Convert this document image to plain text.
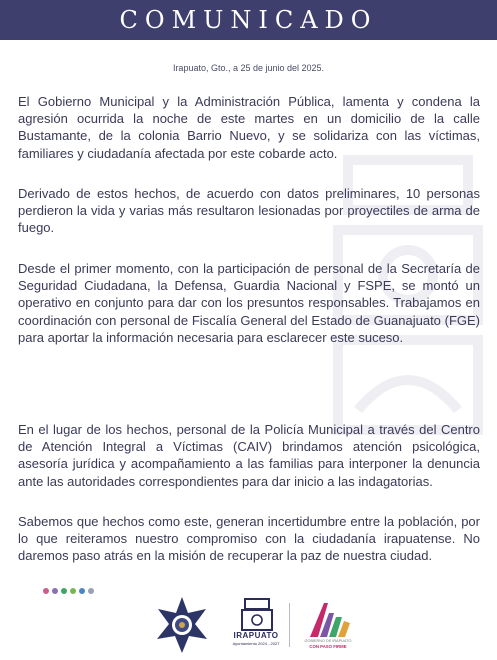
COMUNICADO
Irapuato, Gto., a 25 de junio del 2025.

El Gobierno Municipal y la Administración Pública, lamenta y condena la agresión ocurrida la noche de este martes en un domicilio de la calle Bustamante, de la colonia Barrio Nuevo, y se solidariza con las víctimas, familiares y ciudadanía afectada por este cobarde acto.

Derivado de estos hechos, de acuerdo con datos preliminares, 10 personas perdieron la vida y varias más resultaron lesionadas por proyectiles de arma de fuego.

Desde el primer momento, con la participación de personal de la Secretaría de Seguridad Ciudadana, la Defensa, Guardia Nacional y FSPE, se montó un operativo en conjunto para dar con los presuntos responsables. Trabajamos en coordinación con personal de Fiscalía General del Estado de Guanajuato (FGE) para aportar la información necesaria para esclarecer este suceso.

En el lugar de los hechos, personal de la Policía Municipal a través del Centro de Atención Integral a Víctimas (CAIV) brindamos atención psicológica, asesoría jurídica y acompañamiento a las familias para interponer la denuncia ante las autoridades correspondientes para dar inicio a las indagatorias.

Sabemos que hechos como este, generan incertidumbre entre la población, por lo que reiteramos nuestro compromiso con la ciudadanía irapuatense. No daremos paso atrás en la misión de recuperar la paz de nuestra ciudad.

IRAPUATO
Ayuntamiento 2024 - 2027	GOBIERNO DE IRAPUATO
CON PASO FIRME
